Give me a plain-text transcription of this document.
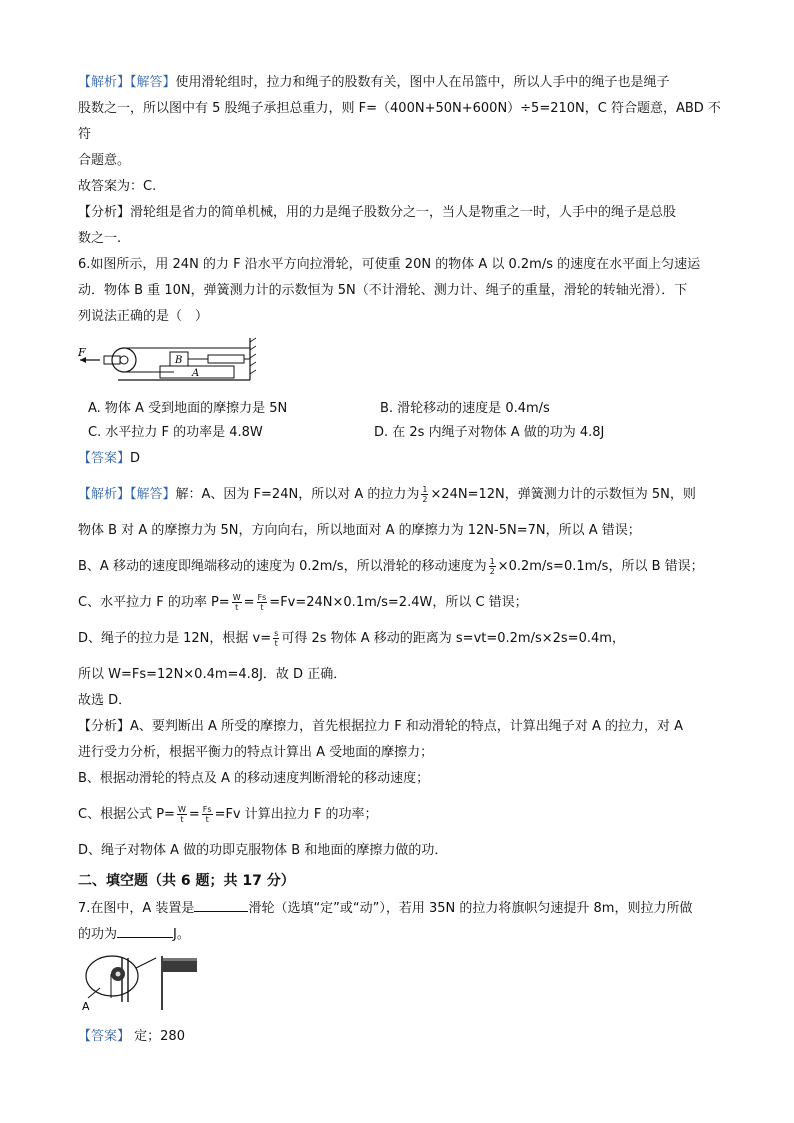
【解析】【解答】使用滑轮组时，拉力和绳子的股数有关，图中人在吊篮中，所以人手中的绳子也是绳子

股数之一，所以图中有 5 股绳子承担总重力，则 F=（400N+50N+600N）÷5=210N，C 符合题意，ABD 不符

合题意。

故答案为：C.

【分析】滑轮组是省力的简单机械，用的力是绳子股数分之一，当人是物重之一时，人手中的绳子是总股

数之一.

6.如图所示，用 24N 的力 F 沿水平方向拉滑轮，可使重 20N 的物体 A 以 0.2m/s 的速度在水平面上匀速运

动．物体 B 重 10N，弹簧测力计的示数恒为 5N（不计滑轮、测力计、绳子的重量，滑轮的转轴光滑）．下

列说法正确的是（　）

F
B
A
A. 物体 A 受到地面的摩擦力是 5N	B. 滑轮移动的速度是 0.4m/s
C. 水平拉力 F 的功率是 4.8W	D. 在 2s 内绳子对物体 A 做的功为 4.8J

【答案】D

【解析】【解答】解：A、因为 F=24N，所以对 A 的拉力为 $\frac{1}{2} \times 24N=12N$，弹簧测力计的示数恒为 5N，则

物体 B 对 A 的摩擦力为 5N，方向向右，所以地面对 A 的摩擦力为 12N-5N=7N，所以 A 错误；

B、A 移动的速度即绳端移动的速度为 0.2m/s，所以滑轮的移动速度为 $\frac{1}{2} \times 0.2m/s=0.1m/s$，所以 B 错误；

C、水平拉力 F 的功率 $P= \frac{W}{t} = \frac{Fs}{t} =Fv=24N\times 0.1m/s=2.4W$，所以 C 错误；

D、绳子的拉力是 12N，根据 $v= \frac{s}{t}$ 可得 2s 物体 A 移动的距离为 s=vt=0.2m/s×2s=0.4m，

所以 W=Fs=12N×0.4m=4.8J．故 D 正确．

故选 D．

【分析】A、要判断出 A 所受的摩擦力，首先根据拉力 F 和动滑轮的特点，计算出绳子对 A 的拉力，对 A

进行受力分析，根据平衡力的特点计算出 A 受地面的摩擦力；

B、根据动滑轮的特点及 A 的移动速度判断滑轮的移动速度；

C、根据公式 $P= \frac{W}{t} = \frac{Fs}{t} =Fv$ 计算出拉力 F 的功率；

D、绳子对物体 A 做的功即克服物体 B 和地面的摩擦力做的功．

二、填空题（共 6 题；共 17 分）

7.在图中，A 装置是	滑轮（选填“定”或“动”），若用 35N 的拉力将旗帜匀速提升 8m，则拉力所做

的功为	J。

A

【答案】 定；280
